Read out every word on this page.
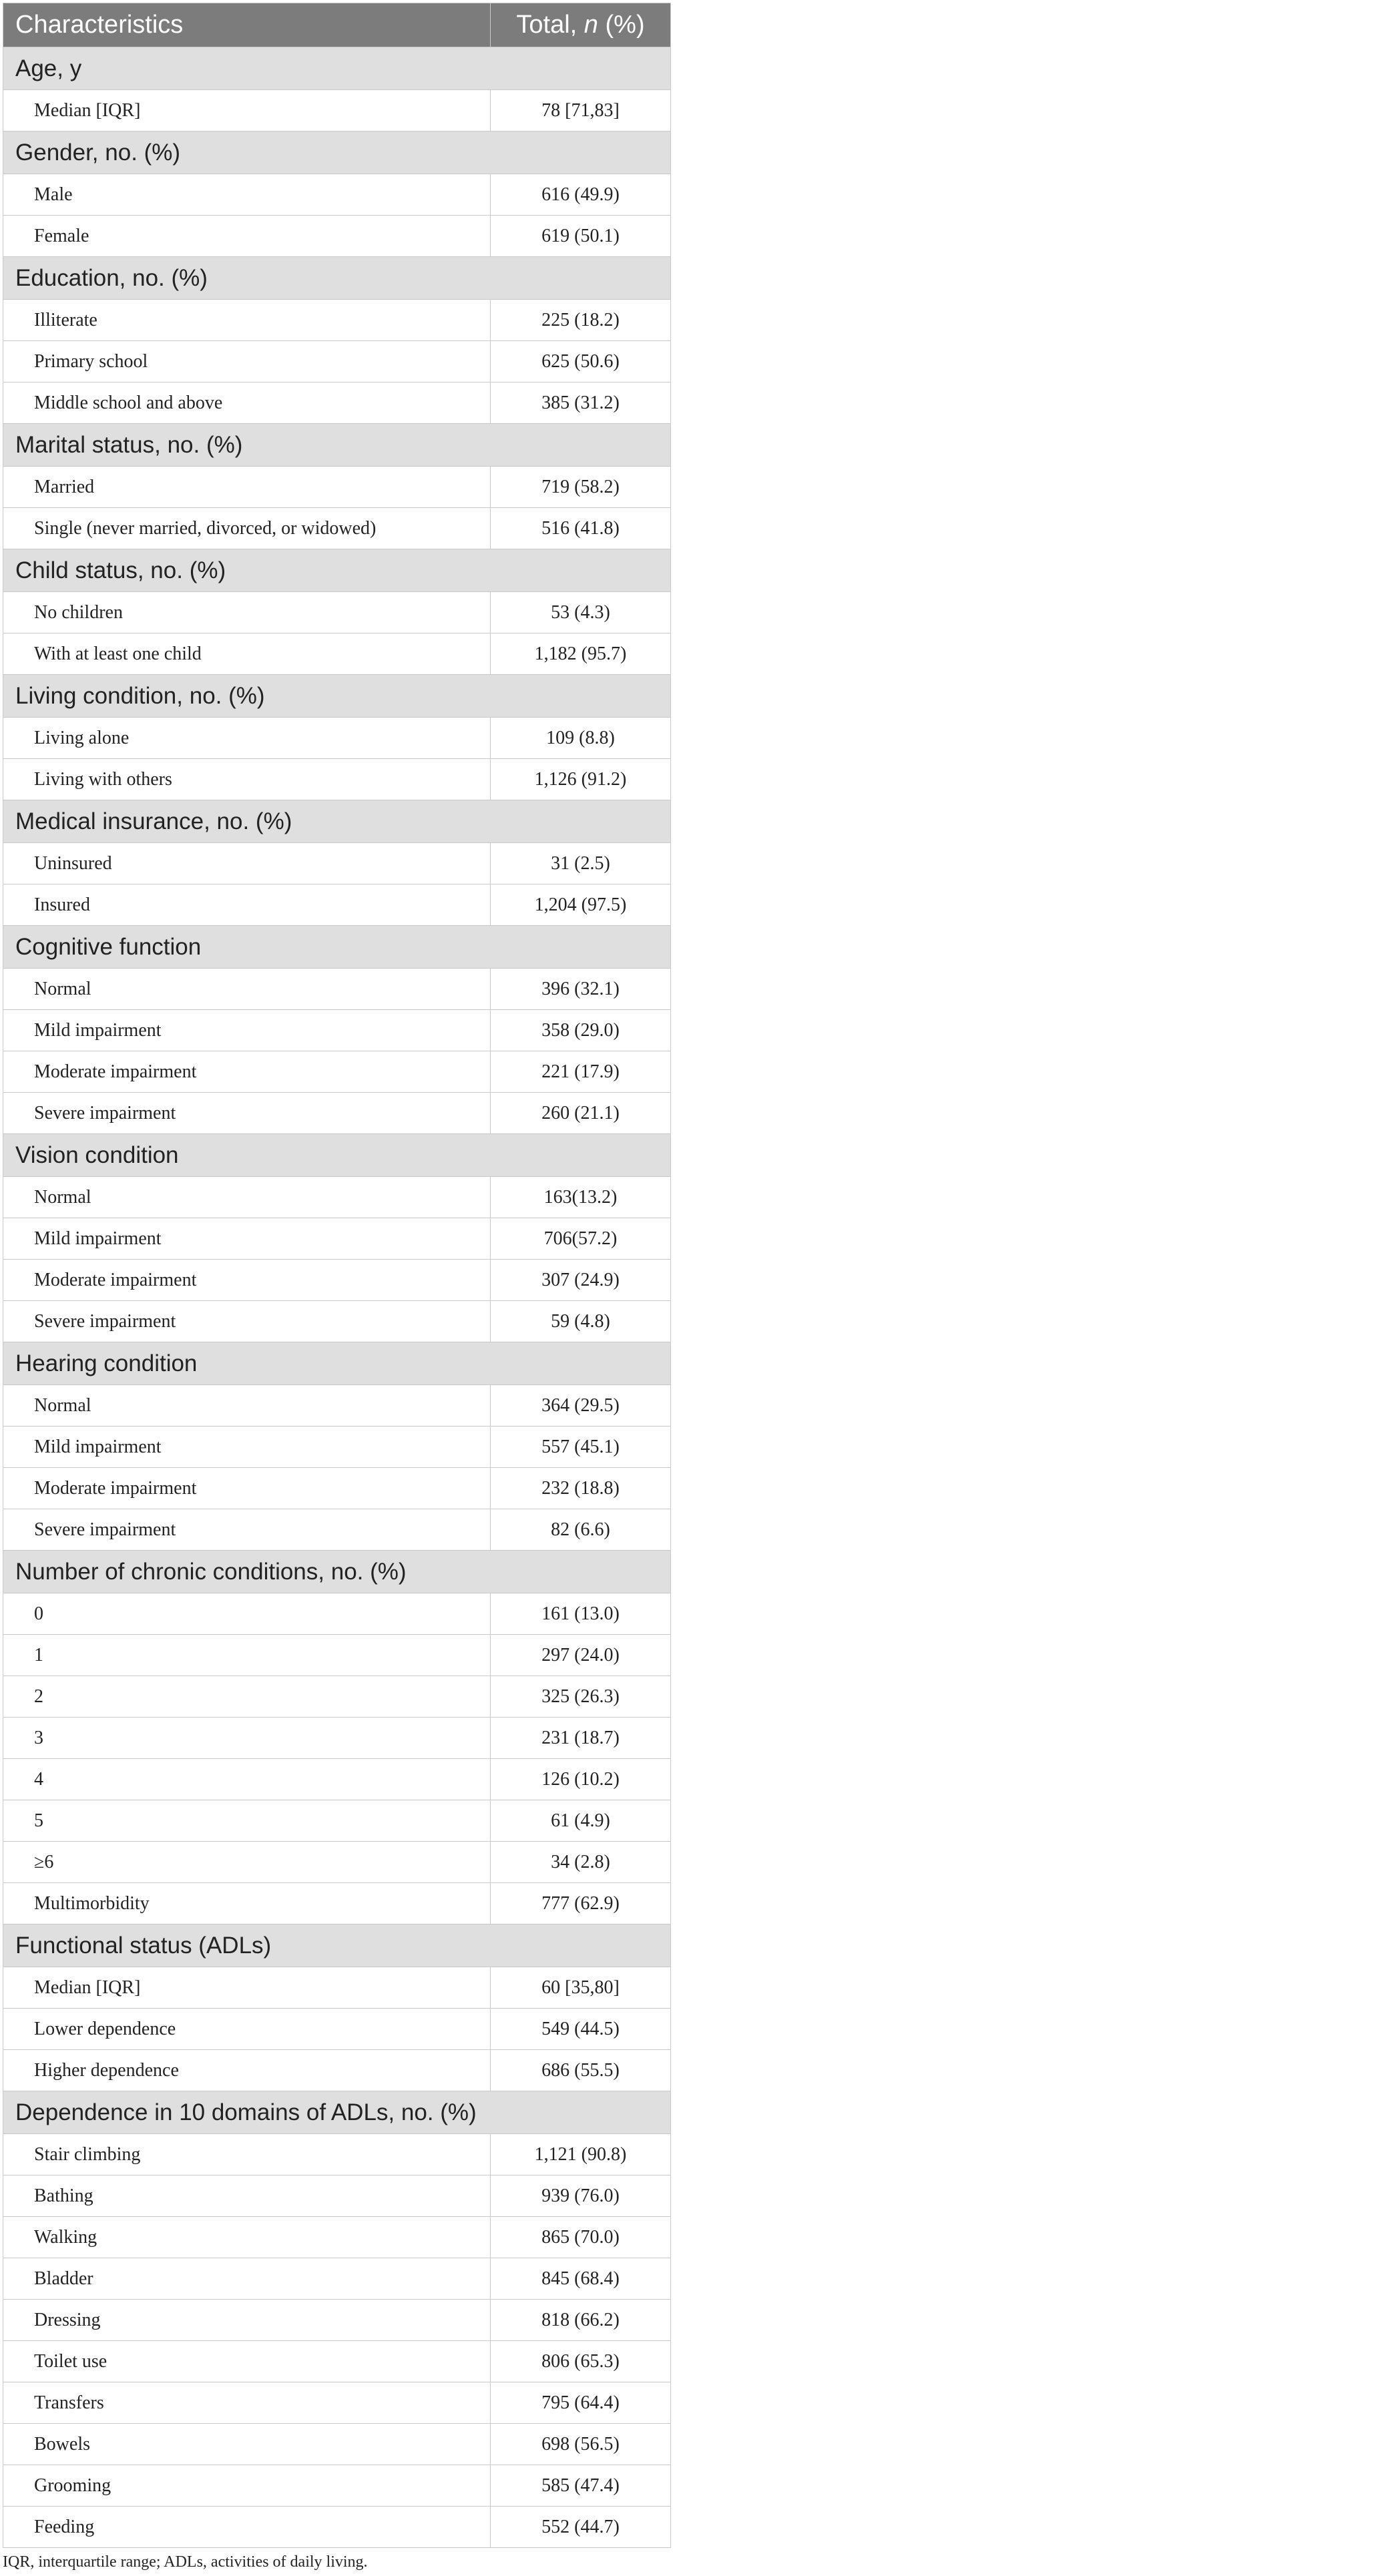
Characteristics	Total, n (%)
Age, y	
Median [IQR]	78 [71,83]
Gender, no. (%)	
Male	616 (49.9)
Female	619 (50.1)
Education, no. (%)	
Illiterate	225 (18.2)
Primary school	625 (50.6)
Middle school and above	385 (31.2)
Marital status, no. (%)	
Married	719 (58.2)
Single (never married, divorced, or widowed)	516 (41.8)
Child status, no. (%)	
No children	53 (4.3)
With at least one child	1,182 (95.7)
Living condition, no. (%)	
Living alone	109 (8.8)
Living with others	1,126 (91.2)
Medical insurance, no. (%)	
Uninsured	31 (2.5)
Insured	1,204 (97.5)
Cognitive function	
Normal	396 (32.1)
Mild impairment	358 (29.0)
Moderate impairment	221 (17.9)
Severe impairment	260 (21.1)
Vision condition	
Normal	163(13.2)
Mild impairment	706(57.2)
Moderate impairment	307 (24.9)
Severe impairment	59 (4.8)
Hearing condition	
Normal	364 (29.5)
Mild impairment	557 (45.1)
Moderate impairment	232 (18.8)
Severe impairment	82 (6.6)
Number of chronic conditions, no. (%)	
0	161 (13.0)
1	297 (24.0)
2	325 (26.3)
3	231 (18.7)
4	126 (10.2)
5	61 (4.9)
≥6	34 (2.8)
Multimorbidity	777 (62.9)
Functional status (ADLs)	
Median [IQR]	60 [35,80]
Lower dependence	549 (44.5)
Higher dependence	686 (55.5)
Dependence in 10 domains of ADLs, no. (%)	
Stair climbing	1,121 (90.8)
Bathing	939 (76.0)
Walking	865 (70.0)
Bladder	845 (68.4)
Dressing	818 (66.2)
Toilet use	806 (65.3)
Transfers	795 (64.4)
Bowels	698 (56.5)
Grooming	585 (47.4)
Feeding	552 (44.7)
IQR, interquartile range; ADLs, activities of daily living.
